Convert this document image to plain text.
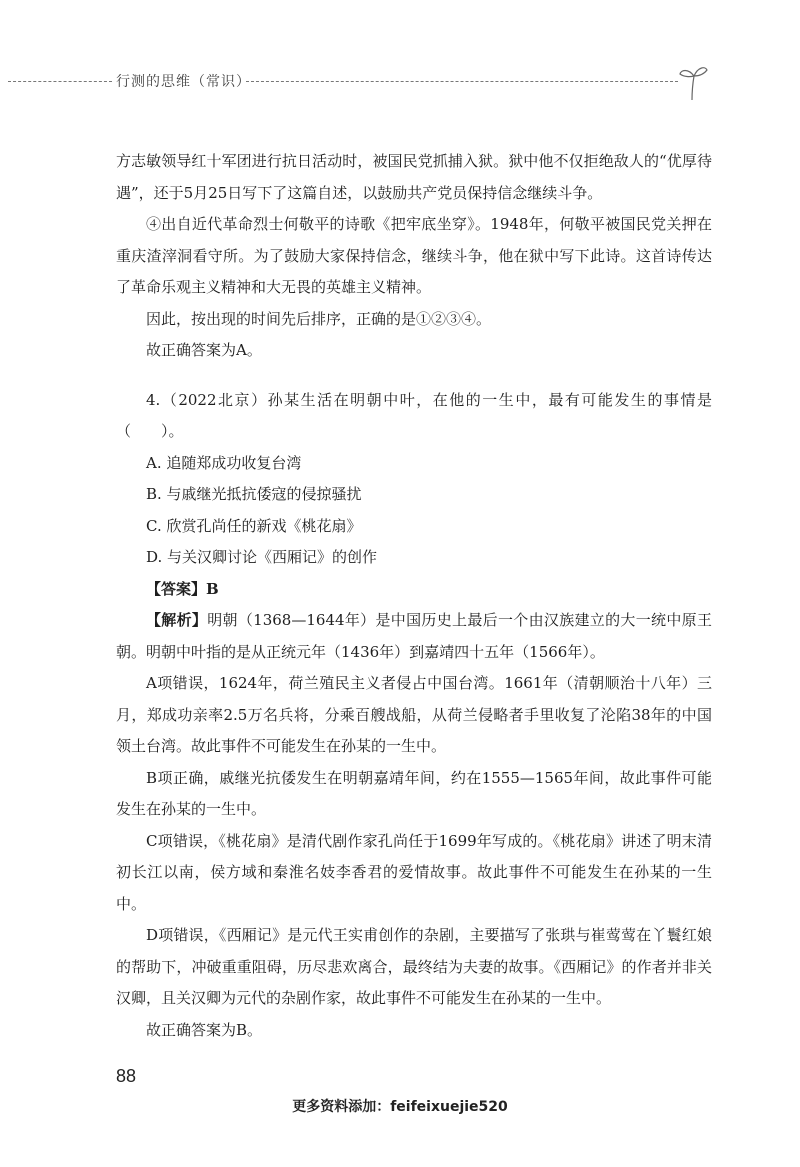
行测的思维（常识）

方志敏领导红十军团进行抗日活动时，被国民党抓捕入狱。狱中他不仅拒绝敌人的“优厚待遇”，还于5月25日写下了这篇自述，以鼓励共产党员保持信念继续斗争。

④出自近代革命烈士何敬平的诗歌《把牢底坐穿》。1948年，何敬平被国民党关押在重庆渣滓洞看守所。为了鼓励大家保持信念，继续斗争，他在狱中写下此诗。这首诗传达了革命乐观主义精神和大无畏的英雄主义精神。

因此，按出现的时间先后排序，正确的是①②③④。

故正确答案为A。

4.（2022北京）孙某生活在明朝中叶，在他的一生中，最有可能发生的事情是（　　）。

A. 追随郑成功收复台湾

B. 与戚继光抵抗倭寇的侵掠骚扰

C. 欣赏孔尚任的新戏《桃花扇》

D. 与关汉卿讨论《西厢记》的创作

【答案】B

【解析】明朝（1368—1644年）是中国历史上最后一个由汉族建立的大一统中原王朝。明朝中叶指的是从正统元年（1436年）到嘉靖四十五年（1566年）。

A项错误，1624年，荷兰殖民主义者侵占中国台湾。1661年（清朝顺治十八年）三月，郑成功亲率2.5万名兵将，分乘百艘战船，从荷兰侵略者手里收复了沦陷38年的中国领土台湾。故此事件不可能发生在孙某的一生中。

B项正确，戚继光抗倭发生在明朝嘉靖年间，约在1555—1565年间，故此事件可能发生在孙某的一生中。

C项错误，《桃花扇》是清代剧作家孔尚任于1699年写成的。《桃花扇》讲述了明末清初长江以南，侯方域和秦淮名妓李香君的爱情故事。故此事件不可能发生在孙某的一生中。

D项错误，《西厢记》是元代王实甫创作的杂剧，主要描写了张珙与崔莺莺在丫鬟红娘的帮助下，冲破重重阻碍，历尽悲欢离合，最终结为夫妻的故事。《西厢记》的作者并非关汉卿，且关汉卿为元代的杂剧作家，故此事件不可能发生在孙某的一生中。

故正确答案为B。

88
更多资料添加：feifeixuejie520
